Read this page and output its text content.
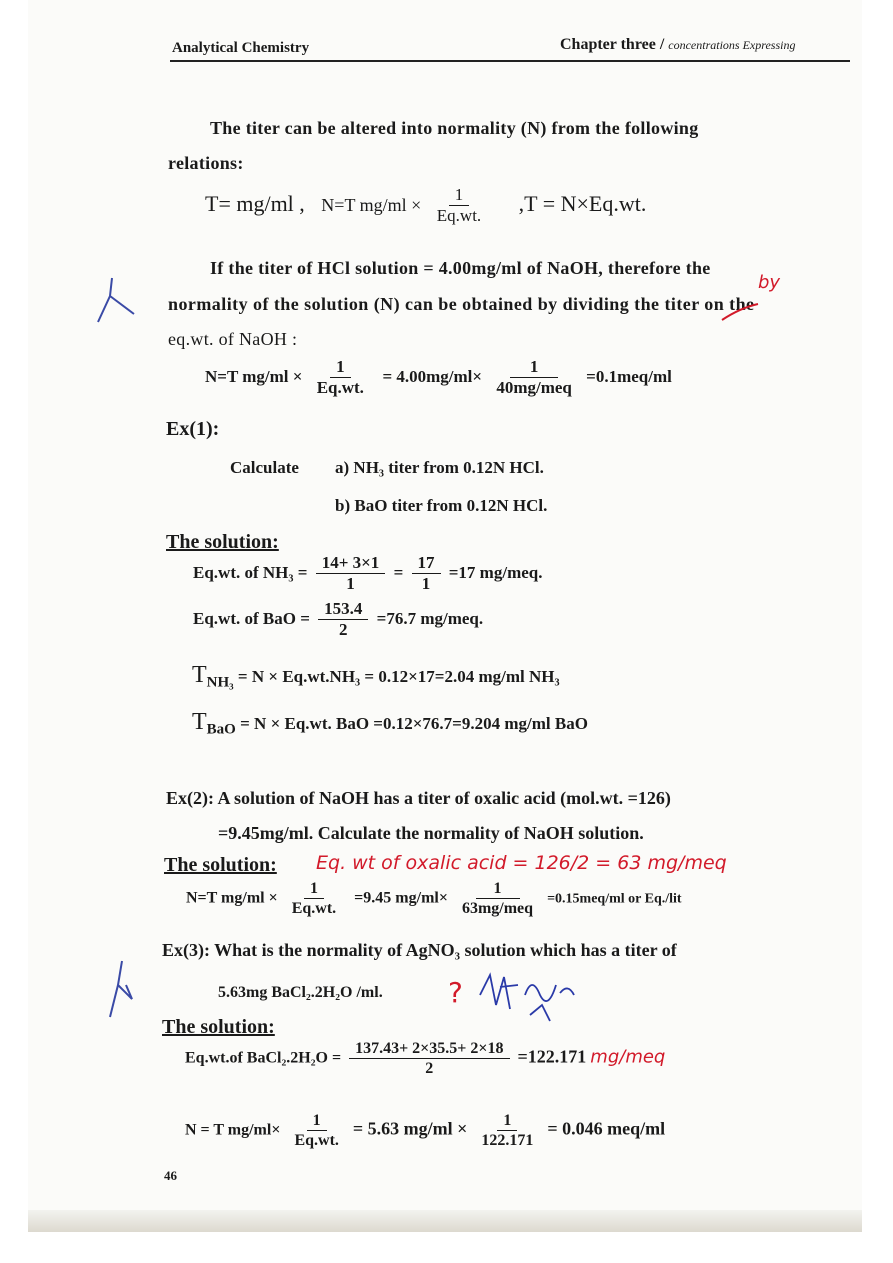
Analytical Chemistry	Chapter three / concentrations Expressing
The titer can be altered into normality (N) from the following
relations:
T= mg/ml , N=T $mg/ml \times \frac{1}{Eq.wt.} ,T = N\times Eq.wt$.
If the titer of HCl solution = 4.00mg/ml of NaOH, therefore the
normality of the solution (N) can be obtained by dividing the titer on the
eq.wt. of NaOH :
N=T $mg/ml \times \frac{1}{Eq.wt.} = 4.00mg/ml\times \frac{1}{\text{40mg/meq}} =0.1meq/ml$
Ex(1):
Calculate a) NH₃ titer from 0.12N HCl.
b) BaO titer from 0.12N HCl.
The solution:
Eq.wt. of $NH_3 = \frac{14+ 3\times 1}{1} = \frac{17}{1} =17$ mg/meq.
Eq.wt. of BaO = $\frac{153.4}{2} =76.7$ mg/meq.
$T_{NH_3} = N \times Eq.wt.NH_3 = 0.12\times 17=2.04$ mg/ml NH₃
$T_{BaO} = N \times Eq.wt$. BaO =0.12×76.7=9.204 mg/ml BaO
Ex(2): A solution of NaOH has a titer of oxalic acid (mol.wt. =126)
=9.45mg/ml. Calculate the normality of NaOH solution.
The solution: Eq. wt of oxalic acid = 126/2 = 63 mg/meq
N=T $mg/ml \times \frac{1}{Eq.wt.} =9.45$ $mg/ml\times \frac{1}{\text{63mg/meq}} =0.15meq/ml$ or Eq./lit
Ex(3): What is the normality of AgNO₃ solution which has a titer of
5.63mg BaCl₂.2H₂O /ml.
The solution:
Eq.wt.of BaCl₂.2H₂O = $\frac{137.43+ 2\times 35.5+ 2\times 18}{2} =122.171$ mg/meq
N = T $mg/ml\times \frac{1}{Eq.wt.} = 5.63$ $mg/ml \times \frac{1}{122.171} = 0.046$ meq/ml
46
by
?
